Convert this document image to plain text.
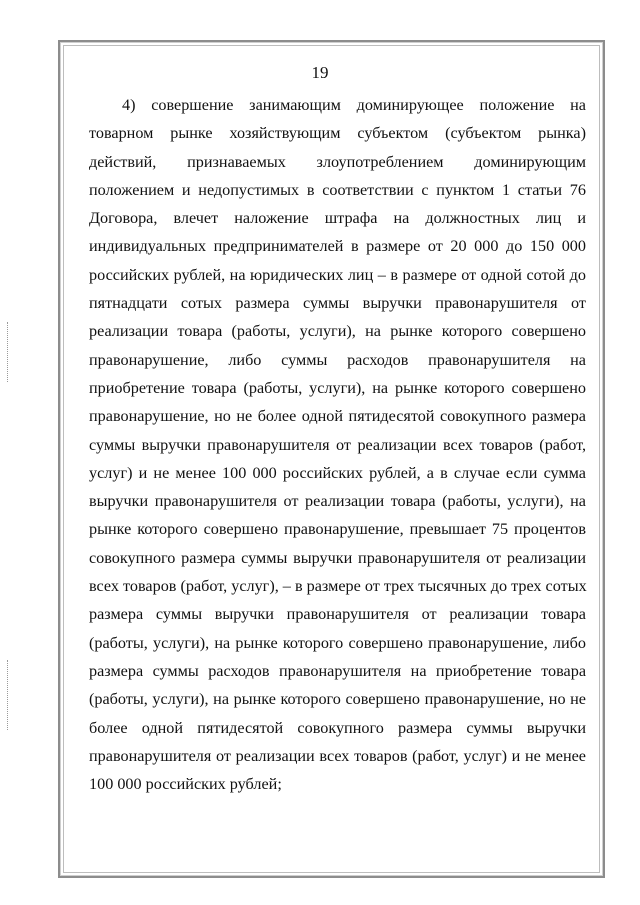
19
4) совершение занимающим доминирующее положение на
товарном рынке хозяйствующим субъектом (субъектом рынка)
действий, признаваемых злоупотреблением доминирующим
положением и недопустимых в соответствии с пунктом 1 статьи 76
Договора, влечет наложение штрафа на должностных лиц и
индивидуальных предпринимателей в размере от 20 000 до 150 000
российских рублей, на юридических лиц – в размере от одной сотой до
пятнадцати сотых размера суммы выручки правонарушителя от
реализации товара (работы, услуги), на рынке которого совершено
правонарушение, либо суммы расходов правонарушителя на
приобретение товара (работы, услуги), на рынке которого совершено
правонарушение, но не более одной пятидесятой совокупного размера
суммы выручки правонарушителя от реализации всех товаров (работ,
услуг) и не менее 100 000 российских рублей, а в случае если сумма
выручки правонарушителя от реализации товара (работы, услуги), на
рынке которого совершено правонарушение, превышает 75 процентов
совокупного размера суммы выручки правонарушителя от реализации
всех товаров (работ, услуг), – в размере от трех тысячных до трех сотых
размера суммы выручки правонарушителя от реализации товара
(работы, услуги), на рынке которого совершено правонарушение, либо
размера суммы расходов правонарушителя на приобретение товара
(работы, услуги), на рынке которого совершено правонарушение, но не
более одной пятидесятой совокупного размера суммы выручки
правонарушителя от реализации всех товаров (работ, услуг) и не менее
100 000 российских рублей;
